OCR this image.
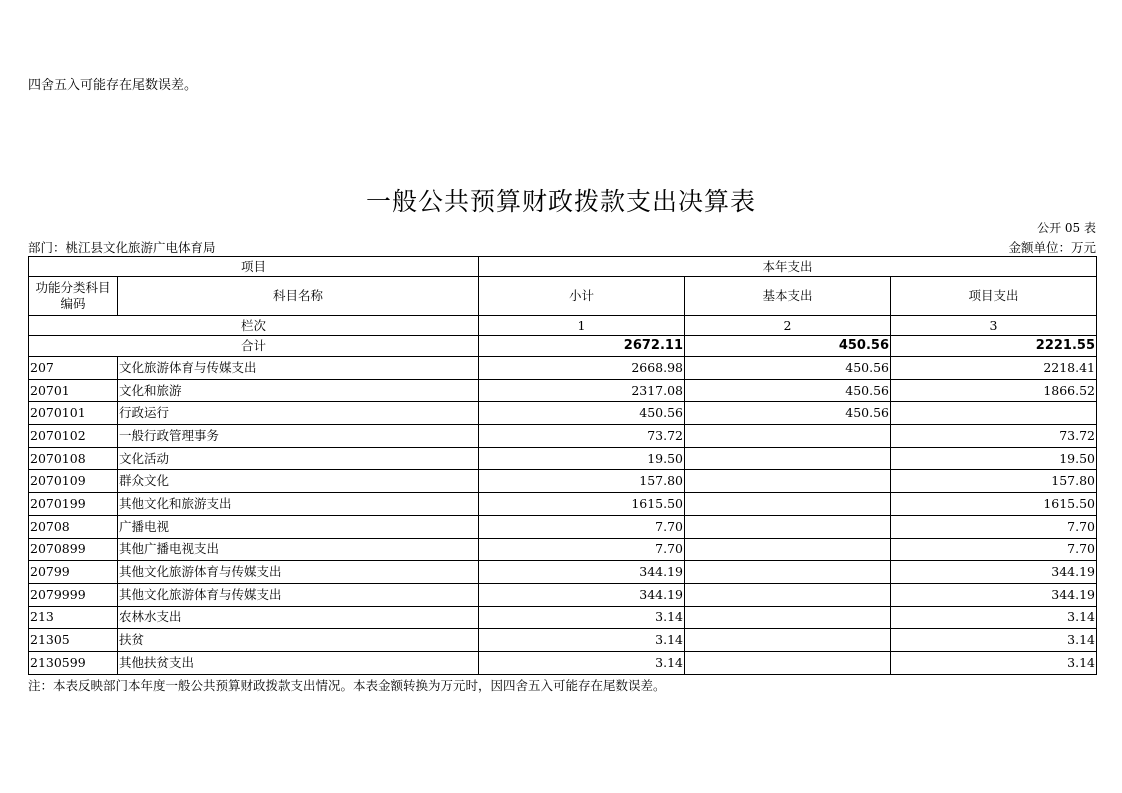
四舍五入可能存在尾数误差。
一般公共预算财政拨款支出决算表
公开 05 表
部门：桃江县文化旅游广电体育局	金额单位：万元
项目		本年支出		
功能分类科目编码	科目名称	小计	基本支出	项目支出
栏次		1	2	3
合计		2672.11	450.56	2221.55
207	文化旅游体育与传媒支出	2668.98	450.56	2218.41
20701	文化和旅游	2317.08	450.56	1866.52
2070101	行政运行	450.56	450.56	
2070102	一般行政管理事务	73.72		73.72
2070108	文化活动	19.50		19.50
2070109	群众文化	157.80		157.80
2070199	其他文化和旅游支出	1615.50		1615.50
20708	广播电视	7.70		7.70
2070899	其他广播电视支出	7.70		7.70
20799	其他文化旅游体育与传媒支出	344.19		344.19
2079999	其他文化旅游体育与传媒支出	344.19		344.19
213	农林水支出	3.14		3.14
21305	扶贫	3.14		3.14
2130599	其他扶贫支出	3.14		3.14
注：本表反映部门本年度一般公共预算财政拨款支出情况。本表金额转换为万元时，因四舍五入可能存在尾数误差。
